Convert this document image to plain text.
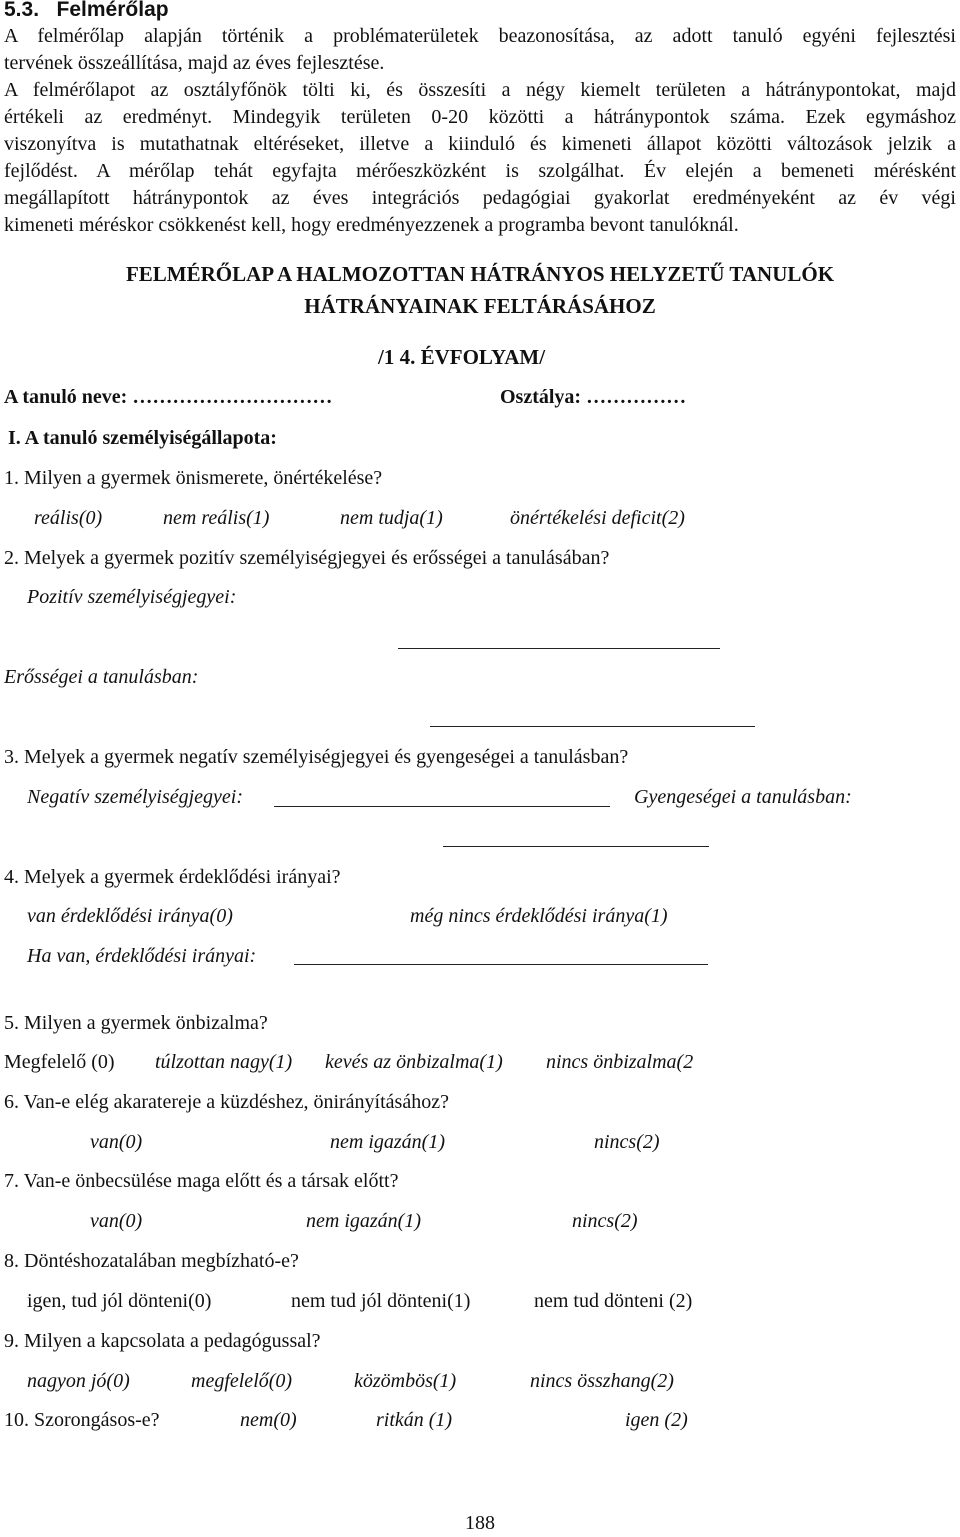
5.3. Felmérőlap
A felmérőlap alapján történik a problématerületek beazonosítása, az adott tanuló egyéni fejlesztési
tervének összeállítása, majd az éves fejlesztése.
A felmérőlapot az osztályfőnök tölti ki, és összesíti a négy kiemelt területen a hátránypontokat, majd
értékeli az eredményt. Mindegyik területen 0-20 közötti a hátránypontok száma. Ezek egymáshoz
viszonyítva is mutathatnak eltéréseket, illetve a kiinduló és kimeneti állapot közötti változások jelzik a
fejlődést. A mérőlap tehát egyfajta mérőeszközként is szolgálhat. Év elején a bemeneti mérésként
megállapított hátránypontok az éves integrációs pedagógiai gyakorlat eredményeként az év végi
kimeneti méréskor csökkenést kell, hogy eredményezzenek a programba bevont tanulóknál.
FELMÉRŐLAP A HALMOZOTTAN HÁTRÁNYOS HELYZETŰ TANULÓK
HÁTRÁNYAINAK FELTÁRÁSÁHOZ
/1 4. ÉVFOLYAM/
A tanuló neve: …………………………	Osztálya: ……………
I. A tanuló személyiségállapota:
1. Milyen a gyermek önismerete, önértékelése?
reális(0)	nem reális(1)	nem tudja(1)	önértékelési deficit(2)
2. Melyek a gyermek pozitív személyiségjegyei és erősségei a tanulásában?
Pozitív személyiségjegyei:
Erősségei a tanulásban:
3. Melyek a gyermek negatív személyiségjegyei és gyengeségei a tanulásban?
Negatív személyiségjegyei:	Gyengeségei a tanulásban:
4. Melyek a gyermek érdeklődési irányai?
van érdeklődési iránya(0)	még nincs érdeklődési iránya(1)
Ha van, érdeklődési irányai:
5. Milyen a gyermek önbizalma?
Megfelelő (0) túlzottan nagy(1) kevés az önbizalma(1) nincs önbizalma(2
6. Van-e elég akaratereje a küzdéshez, önirányításához?
van(0)	nem igazán(1)	nincs(2)
7. Van-e önbecsülése maga előtt és a társak előtt?
van(0)	nem igazán(1)	nincs(2)
8. Döntéshozatalában megbízható-e?
igen, tud jól dönteni(0)	nem tud jól dönteni(1)	nem tud dönteni (2)
9. Milyen a kapcsolata a pedagógussal?
nagyon jó(0)	megfelelő(0)	közömbös(1)	nincs összhang(2)
10. Szorongásos-e?	nem(0)	ritkán (1)	igen (2)
188
